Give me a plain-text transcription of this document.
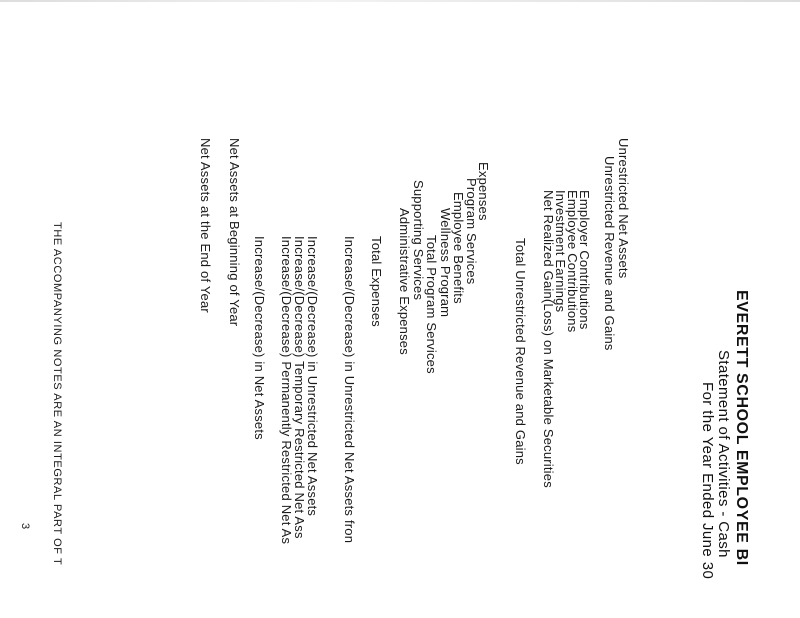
EVERETT SCHOOL EMPLOYEE BI
Statement of Activities - Cash
For the Year Ended June 30
Unrestricted Net Assets
Unrestricted Revenue and Gains
Employer Contributions
Employee Contributions
Investment Earnings
Net Realized Gain(Loss) on Marketable Securities
Total Unrestricted Revenue and Gains
Expenses
Program Services
Employee Benefits
Wellness Program
Total Program Services
Supporting Services
Administrative Expenses
Total Expenses
Increase/(Decrease) in Unrestricted Net Assets fron
Increase/(Decrease) in Unrestricted Net Assets
Increase/(Decrease) Temporary Restricted Net Ass
Increase/(Decrease) Permanently Restricted Net As
Increase/(Decrease) in Net Assets
Net Assets at Beginning of Year
Net Assets at the End of Year
THE ACCOMPANYING NOTES ARE AN INTEGRAL PART OF T
3
